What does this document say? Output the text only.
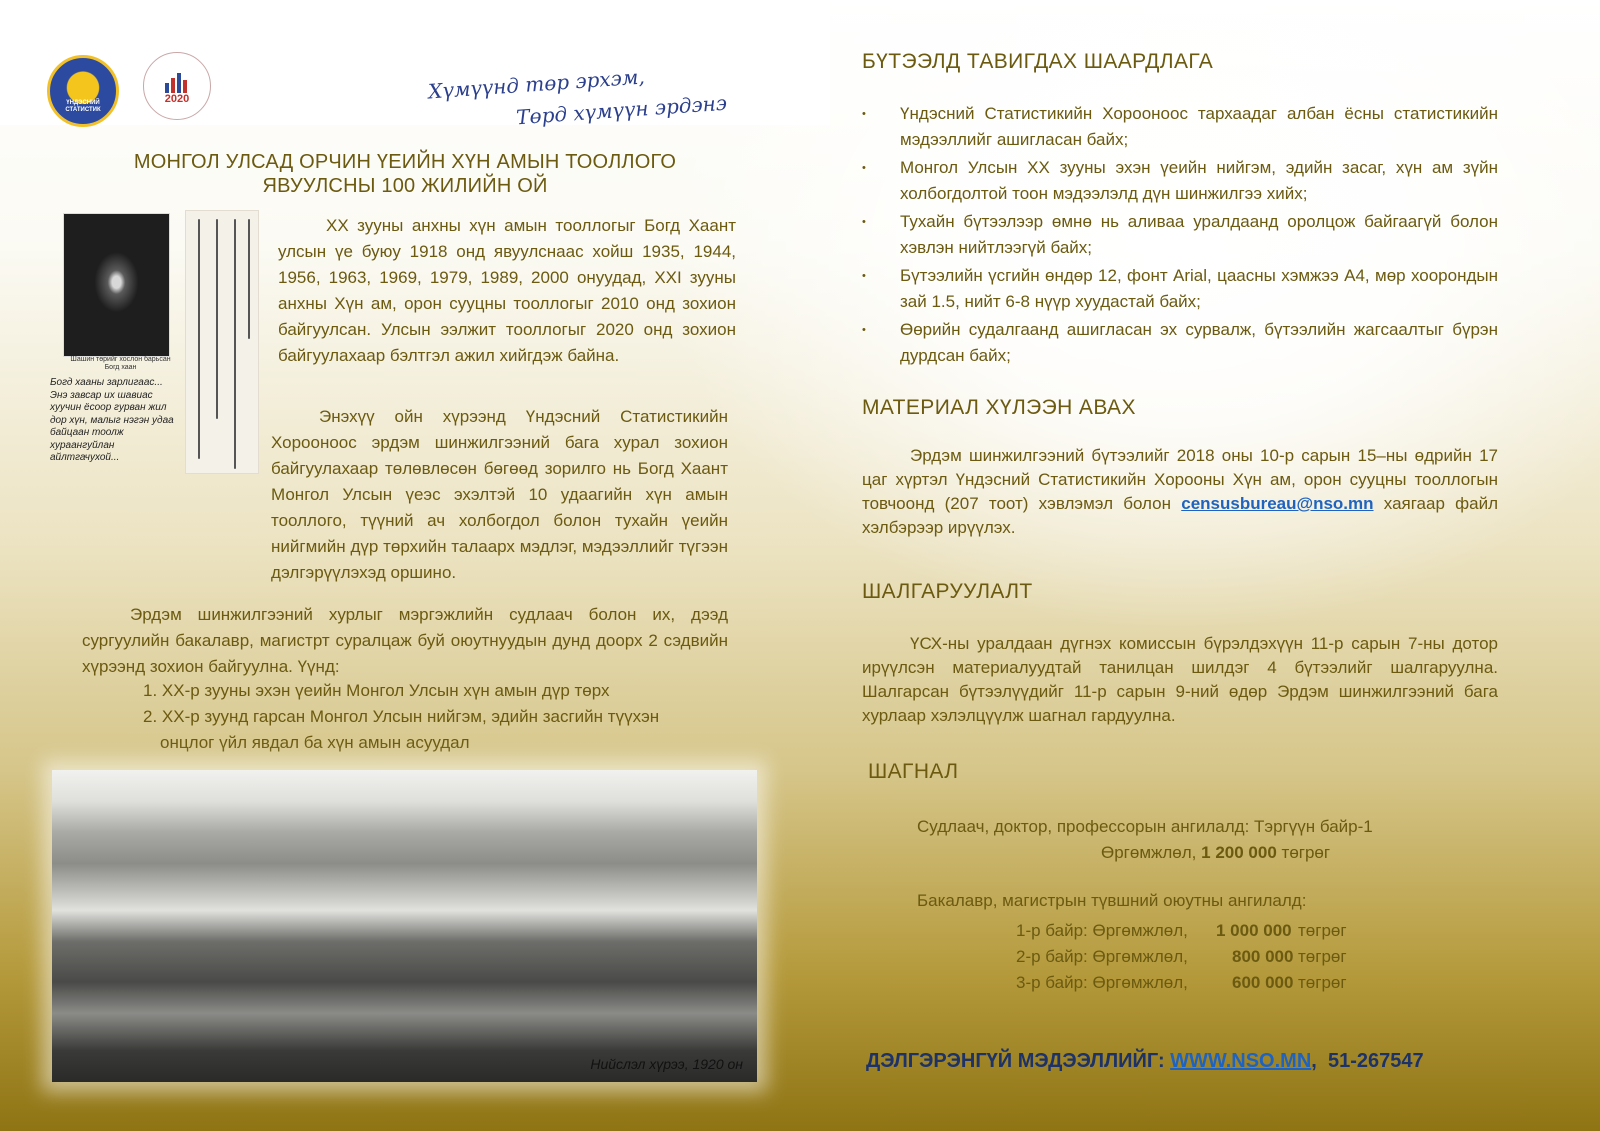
ҮНДЭСНИЙ СТАТИСТИК
2020	Хүмүүнд төр эрхэм,
Төрд хүмүүн эрдэнэ
МОНГОЛ УЛСАД ОРЧИН ҮЕИЙН ХҮН АМЫН ТООЛЛОГО
ЯВУУЛСНЫ 100 ЖИЛИЙН ОЙ
Шашин төрийг хослон барьсан Богд хаан
Богд хааны зарлигаас... Энэ завсар их шавиас хуучин ёсоор гурван жил дор хүн, малыг нэгэн удаа байцаан тоолж хураангуйлан айлтгачухой...
XX зууны анхны хүн амын тооллогыг Богд Хаант улсын үе буюу 1918 онд явуулснаас хойш 1935, 1944, 1956, 1963, 1969, 1979, 1989, 2000 онуудад, XXI зууны анхны Хүн ам, орон сууцны тооллогыг 2010 онд зохион байгуулсан. Улсын ээлжит тооллогыг 2020 онд зохион байгуулахаар бэлтгэл ажил хийгдэж байна.
Энэхүү ойн хүрээнд Үндэсний Статистикийн Хорооноос эрдэм шинжилгээний бага хурал зохион байгуулахаар төлөвлөсөн бөгөөд зорилго нь Богд Хаант Монгол Улсын үеэс эхэлтэй 10 удаагийн хүн амын тооллого, түүний ач холбогдол болон тухайн үеийн нийгмийн дүр төрхийн талаарх мэдлэг, мэдээллийг түгээн дэлгэрүүлэхэд оршино.
Эрдэм шинжилгээний хурлыг мэргэжлийн судлаач болон их, дээд сургуулийн бакалавр, магистрт суралцаж буй оюутнуудын дунд доорх 2 сэдвийн хүрээнд зохион байгуулна. Үүнд:
1. XX-р зууны эхэн үеийн Монгол Улсын хүн амын дүр төрх
2. XX-р зуунд гарсан Монгол Улсын нийгэм, эдийн засгийн түүхэн
онцлог үйл явдал ба хүн амын асуудал
Нийслэл хүрээ, 1920 он
БҮТЭЭЛД ТАВИГДАХ ШААРДЛАГА
• Үндэсний Статистикийн Хорооноос тархаадаг албан ёсны статистикийн мэдээллийг ашигласан байх;
• Монгол Улсын XX зууны эхэн үеийн нийгэм, эдийн засаг, хүн ам зүйн холбогдолтой тоон мэдээлэлд дүн шинжилгээ хийх;
• Тухайн бүтээлээр өмнө нь аливаа уралдаанд оролцож байгаагүй болон хэвлэн нийтлээгүй байх;
• Бүтээлийн үсгийн өндөр 12, фонт Arial, цаасны хэмжээ A4, мөр хоорондын зай 1.5, нийт 6-8 нүүр хуудастай байх;
• Өөрийн судалгаанд ашигласан эх сурвалж, бүтээлийн жагсаалтыг бүрэн дурдсан байх;
МАТЕРИАЛ ХҮЛЭЭН АВАХ
Эрдэм шинжилгээний бүтээлийг 2018 оны 10-р сарын 15–ны өдрийн 17 цаг хүртэл Үндэсний Статистикийн Хорооны Хүн ам, орон сууцны тооллогын товчоонд (207 тоот) хэвлэмэл болон censusbureau@nso.mn хаягаар файл хэлбэрээр ирүүлэх.
ШАЛГАРУУЛАЛТ
ҮСХ-ны уралдаан дүгнэх комиссын бүрэлдэхүүн 11-р сарын 7-ны дотор ирүүлсэн материалуудтай танилцан шилдэг 4 бүтээлийг шалгаруулна. Шалгарсан бүтээлүүдийг 11-р сарын 9-ний өдөр Эрдэм шинжилгээний бага хурлаар хэлэлцүүлж шагнал гардуулна.
ШАГНАЛ
Судлаач, доктор, профессорын ангилалд: Тэргүүн байр-1
Өргөмжлөл, 1 200 000 төгрөг
Бакалавр, магистрын түвшний оюутны ангилалд:
1-р байр: Өргөмжлөл, 1 000 000 төгрөг
2-р байр: Өргөмжлөл,	800 000 төгрөг
3-р байр: Өргөмжлөл,	600 000 төгрөг
ДЭЛГЭРЭНГҮЙ МЭДЭЭЛЛИЙГ: WWW.NSO.MN, 51-267547
